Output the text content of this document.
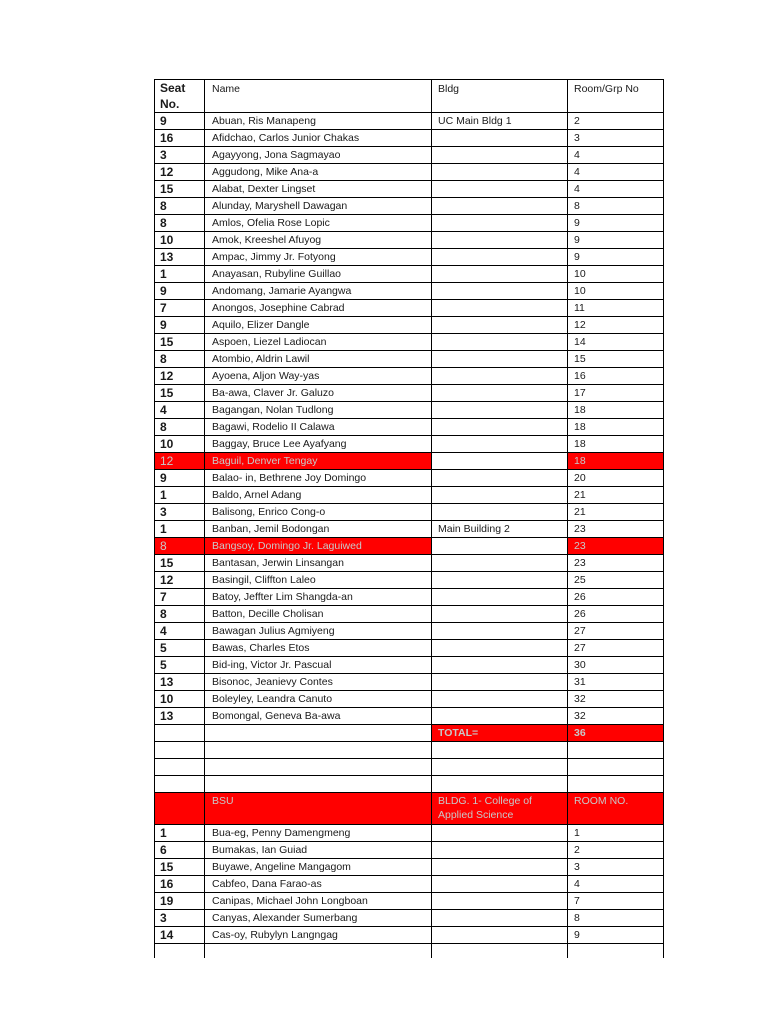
Seat No.	Name	Bldg	Room/Grp No
9	Abuan, Ris Manapeng	UC Main Bldg 1	2
16	Afidchao, Carlos Junior Chakas		3
3	Agayyong, Jona Sagmayao		4
12	Aggudong, Mike Ana-a		4
15	Alabat, Dexter Lingset		4
8	Alunday, Maryshell Dawagan		8
8	Amlos, Ofelia Rose Lopic		9
10	Amok, Kreeshel Afuyog		9
13	Ampac, Jimmy Jr. Fotyong		9
1	Anayasan, Rubyline Guillao		10
9	Andomang, Jamarie Ayangwa		10
7	Anongos, Josephine Cabrad		11
9	Aquilo, Elizer Dangle		12
15	Aspoen, Liezel Ladiocan		14
8	Atombio, Aldrin Lawil		15
12	Ayoena, Aljon Way-yas		16
15	Ba-awa, Claver Jr. Galuzo		17
4	Bagangan, Nolan Tudlong		18
8	Bagawi, Rodelio II Calawa		18
10	Baggay, Bruce Lee Ayafyang		18
12	Baguil, Denver Tengay		18
9	Balao- in, Bethrene Joy Domingo		20
1	Baldo, Arnel Adang		21
3	Balisong, Enrico Cong-o		21
1	Banban, Jemil Bodongan	Main Building 2	23
8	Bangsoy, Domingo Jr. Laguiwed		23
15	Bantasan, Jerwin Linsangan		23
12	Basingil, Cliffton Laleo		25
7	Batoy, Jeffter Lim Shangda-an		26
8	Batton, Decille Cholisan		26
4	Bawagan Julius Agmiyeng		27
5	Bawas, Charles Etos		27
5	Bid-ing, Victor Jr. Pascual		30
13	Bisonoc, Jeanievy Contes		31
10	Boleyley, Leandra Canuto		32
13	Bomongal, Geneva Ba-awa		32
		TOTAL=	36

	BSU	BLDG. 1- College of Applied Science	ROOM NO.
1	Bua-eg, Penny Damengmeng		1
6	Bumakas, Ian Guiad		2
15	Buyawe, Angeline Mangagom		3
16	Cabfeo, Dana Farao-as		4
19	Canipas, Michael John Longboan		7
3	Canyas, Alexander Sumerbang		8
14	Cas-oy, Rubylyn Langngag		9
